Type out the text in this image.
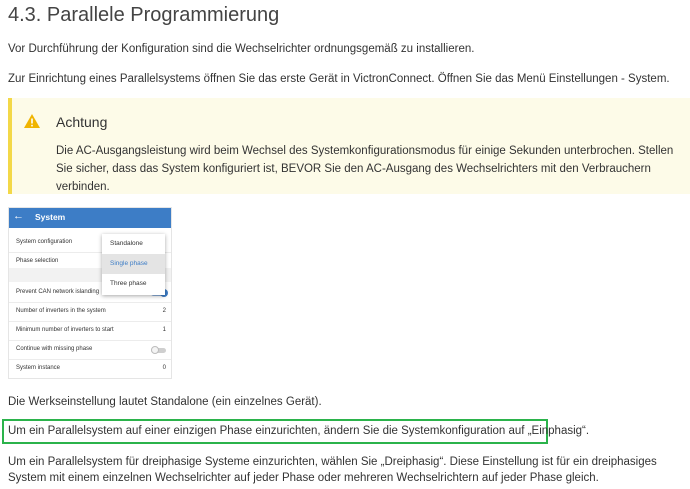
4.3. Parallele Programmierung
Vor Durchführung der Konfiguration sind die Wechselrichter ordnungsgemäß zu installieren.
Zur Einrichtung eines Parallelsystems öffnen Sie das erste Gerät in VictronConnect. Öffnen Sie das Menü Einstellungen - System.
Achtung
Die AC-Ausgangsleistung wird beim Wechsel des Systemkonfigurationsmodus für einige Sekunden unterbrochen. Stellen Sie sicher, dass das System konfiguriert ist, BEVOR Sie den AC-Ausgang des Wechselrichters mit den Verbrauchern verbinden.
← System
System configuration
Phase selection
Prevent CAN network islanding
Number of inverters in the system	2
Minimum number of inverters to start	1
Continue with missing phase
System instance	0
Standalone
Single phase
Three phase
Die Werkseinstellung lautet Standalone (ein einzelnes Gerät).
Um ein Parallelsystem auf einer einzigen Phase einzurichten, ändern Sie die Systemkonfiguration auf „Einphasig“.
Um ein Parallelsystem für dreiphasige Systeme einzurichten, wählen Sie „Dreiphasig“. Diese Einstellung ist für ein dreiphasiges System mit einem einzelnen Wechselrichter auf jeder Phase oder mehreren Wechselrichtern auf jeder Phase gleich.
